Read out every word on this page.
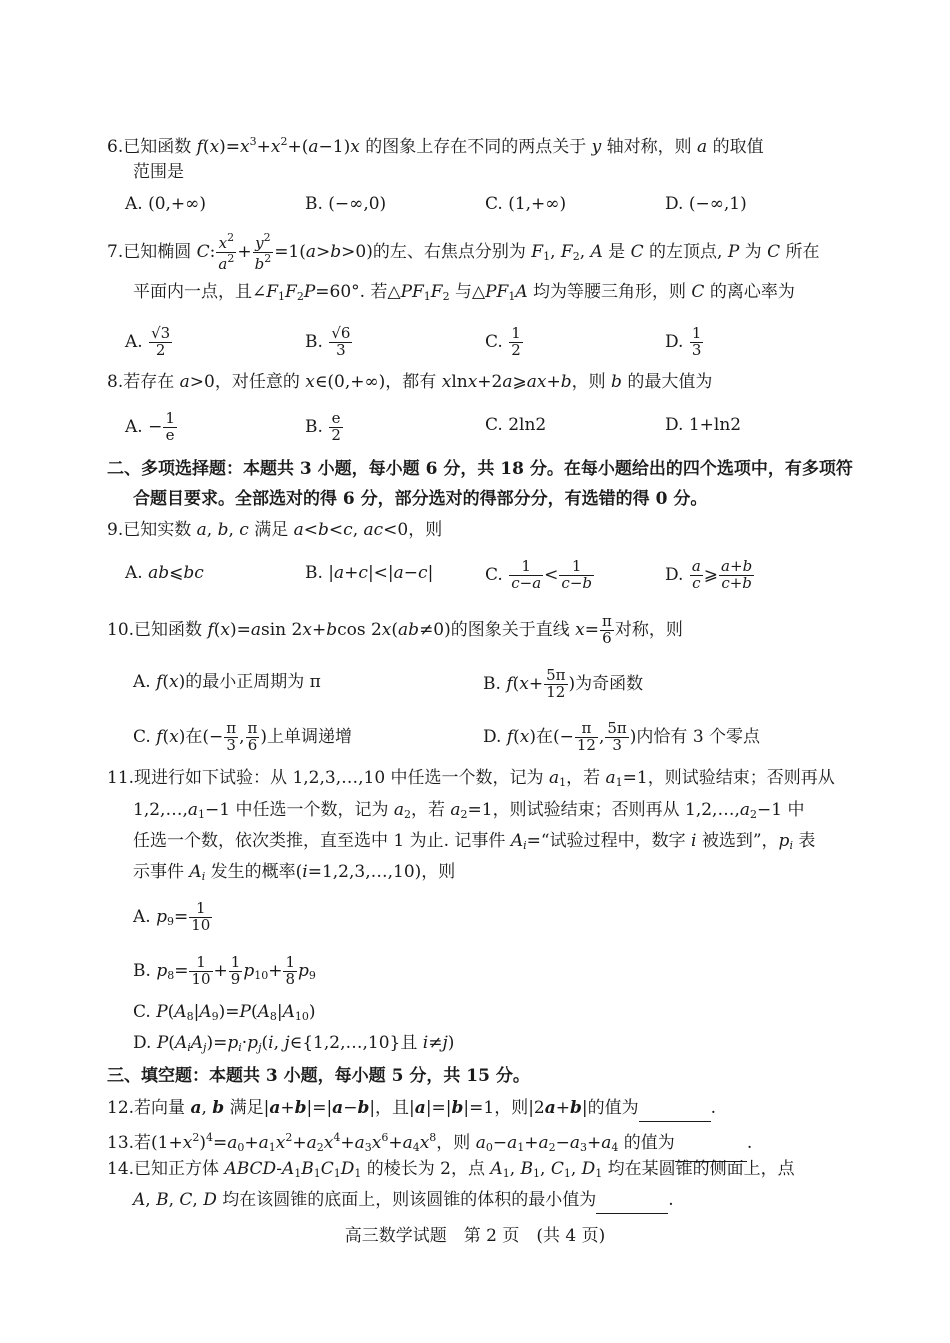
6.已知函数 $f(x)=x^3+x^2+(a-1)x$ 的图象上存在不同的两点关于 y 轴对称，则 a 的取值
范围是
A. (0,+∞)	B. (−∞,0)	C. (1,+∞)	D. (−∞,1)
7.已知椭圆 C: $\frac{x^2}{a^2} + \frac{y^2}{b^2} =1(a>b>0)$的左、右焦点分别为 $F_1$, $F_2$, A 是 C 的左顶点, P 为 C 所在
平面内一点，且$\angle F_1F_2P=60^\circ$. 若$\triangle PF_1F_2$ 与$\triangle PF_1A$ 均为等腰三角形，则 C 的离心率为
A. $\frac{√3}{2}$	B. $\frac{√6}{3}$	C. $\frac{1}{2}$	D. $\frac{1}{3}$
8.若存在 a>0，对任意的 x∈(0,+∞)，都有 xlnx+2a⩾ax+b，则 b 的最大值为
A. − $\frac{1}{e}$	B. $\frac{e}{2}$	C. 2ln2	D. 1+ln2
二、多项选择题：本题共 3 小题，每小题 6 分，共 18 分。在每小题给出的四个选项中，有多项符
合题目要求。全部选对的得 6 分，部分选对的得部分分，有选错的得 0 分。
9.已知实数 a, b, c 满足 a<b<c, ac<0，则
A. ab⩽bc	B. |a+c|<|a−c|	C. $\frac{1}{c-a} < \frac{1}{c-b}$	D. $\frac{a}{c}$ ⩾ $\frac{a+b}{c+b}$
10.已知函数 f(x)=asin 2x+bcos 2x(ab≠0)的图象关于直线 $x= \frac{\pi}{6}$ 对称，则
A. f(x)的最小正周期为 π	B. $f(x+ \frac{5\pi}{12}$ )为奇函数
C. f(x)在(− $\frac{\pi}{3}$ , $\frac{\pi}{6}$ )上单调递增	D. f(x)在(− $\frac{\pi}{12}$ , $\frac{5\pi}{3}$ )内恰有 3 个零点
11.现进行如下试验：从 1,2,3,…,10 中任选一个数，记为 $a_1$，若 $a_1=1$，则试验结束；否则再从
$1,2,\dots,a_1-1$ 中任选一个数，记为 $a_2$，若 $a_2=1$，则试验结束；否则再从 $1,2,\dots,a_2-1$ 中
任选一个数，依次类推，直至选中 1 为止. 记事件 $A_i=“$试验过程中，数字 i 被选到”，$p_i$ 表
示事件 $A_i$ 发生的概率(i=1,2,3,…,10)，则
A. $p_9= \frac{1}{10}$
B. $p_8= \frac{1}{10} + \frac{1}{9} p_{10}+ \frac{1}{8} p_9$
C. $P(A_8|A_9)=P(A_8|A_{10})$
D. $P(A_iA_j)=p_i\cdot p_j(i$, j∈{1,2,…,10}且 i≠j)
三、填空题：本题共 3 小题，每小题 5 分，共 15 分。
12.若向量 a, b 满足|a+b|=|a−b|，且|a|=|b|=1，则|2a+b|的值为	.
13.若$(1+x^2)^4=a_0+a_1x^2+a_2x^4+a_3x^6+a_4x^8$，则 $a_0-a_1+a_2-a_3+a_4$ 的值为	.
14.已知正方体 ABCD-$A_1B_1C_1D_1$ 的棱长为 2，点 $A_1$, $B_1$, $C_1$, $D_1$ 均在某圆锥的侧面上，点
A, B, C, D 均在该圆锥的底面上，则该圆锥的体积的最小值为	.
高三数学试题　第 2 页　(共 4 页)
